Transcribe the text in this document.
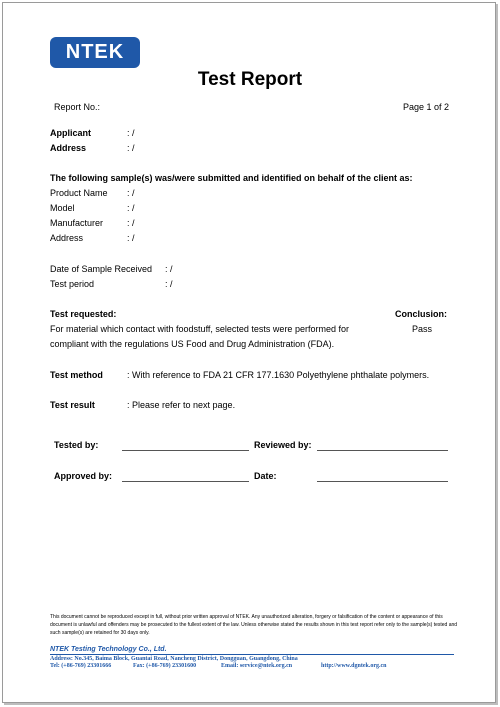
NTEK
Test Report
Report No.:	Page 1 of 2
Applicant	: /
Address	: /
The following sample(s) was/were submitted and identified on behalf of the client as:
Product Name : /
Model	: /
Manufacturer	: /
Address	: /
Date of Sample Received : /
Test period	: /
Test requested:	Conclusion:
For material which contact with foodstuff, selected tests were performed for	Pass
compliant with the regulations US Food and Drug Administration (FDA).
Test method	: With reference to FDA 21 CFR 177.1630 Polyethylene phthalate polymers.
Test result	: Please refer to next page.
Tested by:	Reviewed by:
Approved by:	Date:
This document cannot be reproduced except in full, without prior written approval of NTEK. Any unauthorized alteration, forgery or falsification of the content or appearance of this document is unlawful and offenders may be prosecuted to the fullest extent of the law. Unless otherwise stated the results shown in this test report refer only to the sample(s) tested and such sample(s) are retained for 30 days only.
NTEK Testing Technology Co., Ltd.
Address: No.345, Baima Block, Guantai Road, Nancheng District, Dongguan, Guangdong, China
Tel: (+86-769) 23301666	Fax: (+86-769) 23301600	Email: service@ntek.org.cn	http://www.dgntek.org.cn
